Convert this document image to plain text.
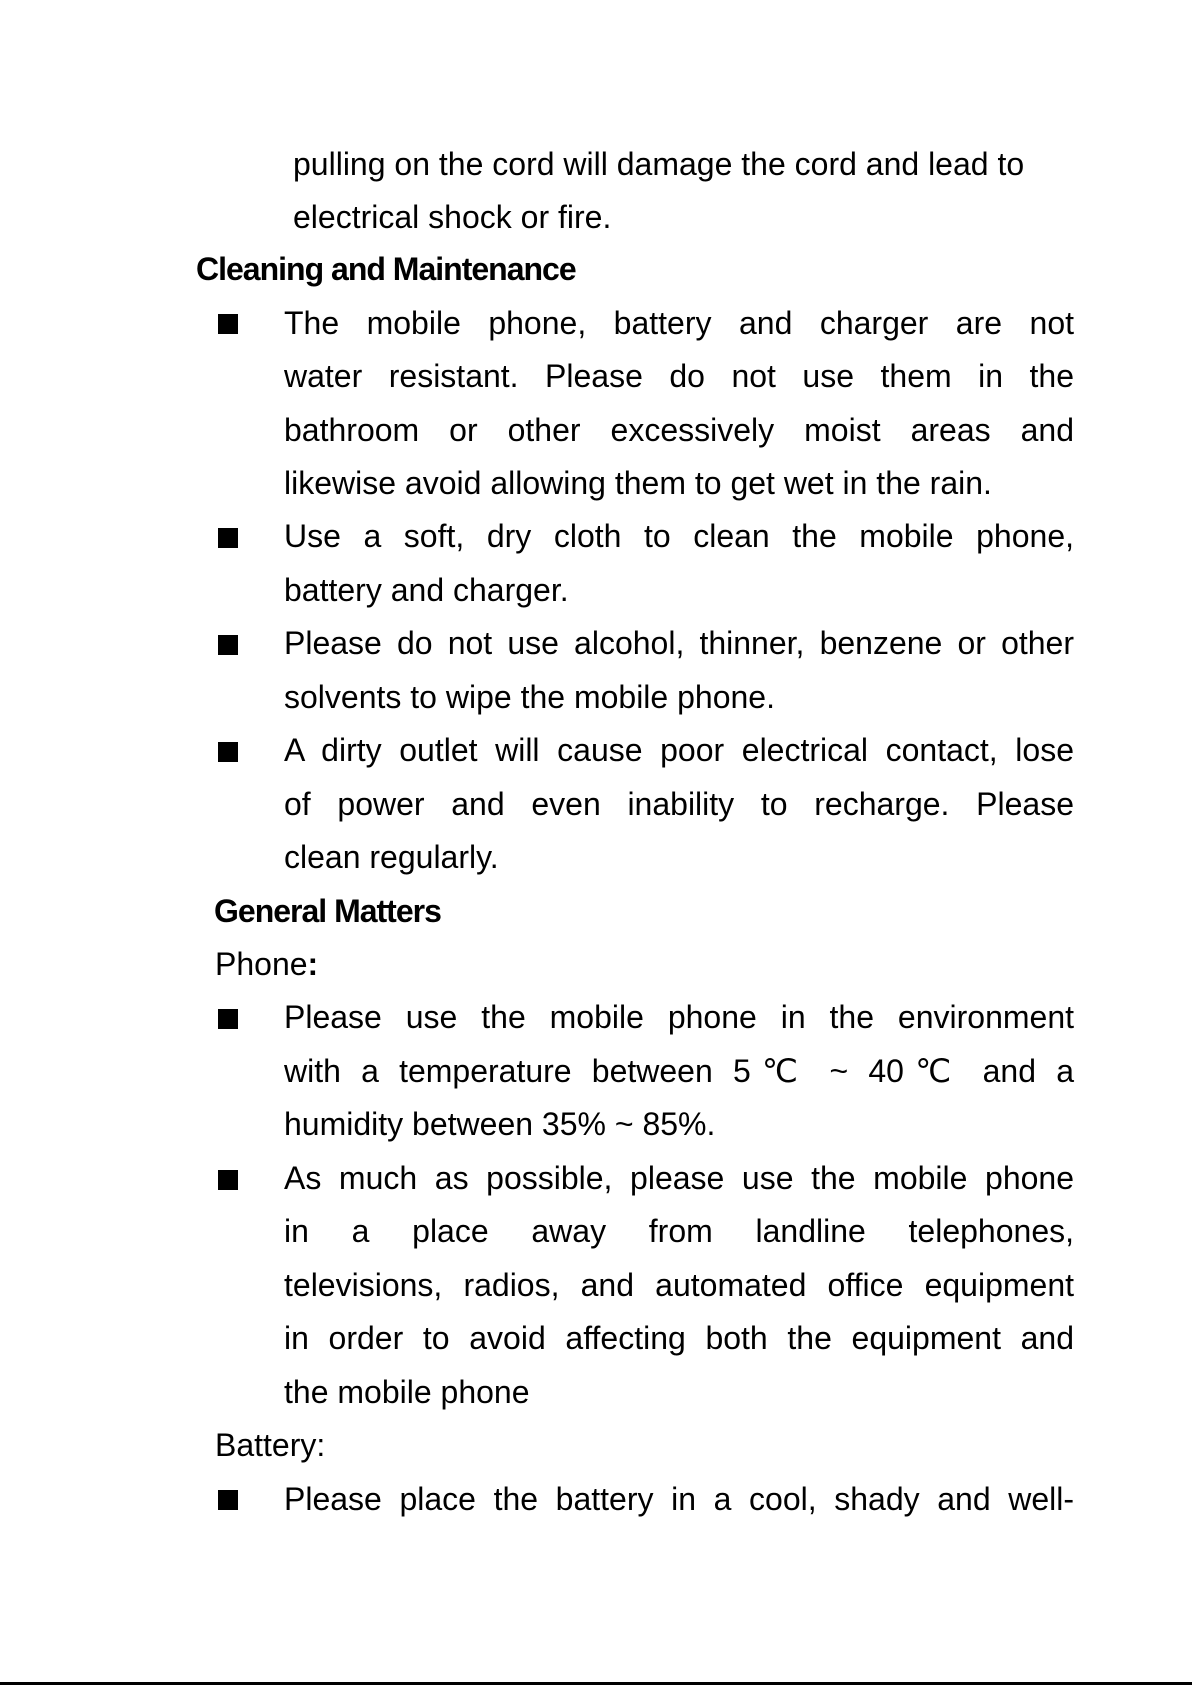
pulling on the cord will damage the cord and lead to
electrical shock or fire.
Cleaning and Maintenance
The mobile phone, battery and charger are not
water resistant. Please do not use them in the
bathroom or other excessively moist areas and
likewise avoid allowing them to get wet in the rain.
Use a soft, dry cloth to clean the mobile phone,
battery and charger.
Please do not use alcohol, thinner, benzene or other
solvents to wipe the mobile phone.
A dirty outlet will cause poor electrical contact, lose
of power and even inability to recharge. Please
clean regularly.
General Matters
Phone:
Please use the mobile phone in the environment
with a temperature between 5℃ ~ 40℃ and a
humidity between 35% ~ 85%.
As much as possible, please use the mobile phone
in a place away from landline telephones,
televisions, radios, and automated office equipment
in order to avoid affecting both the equipment and
the mobile phone
Battery:
Please place the battery in a cool, shady and well-
